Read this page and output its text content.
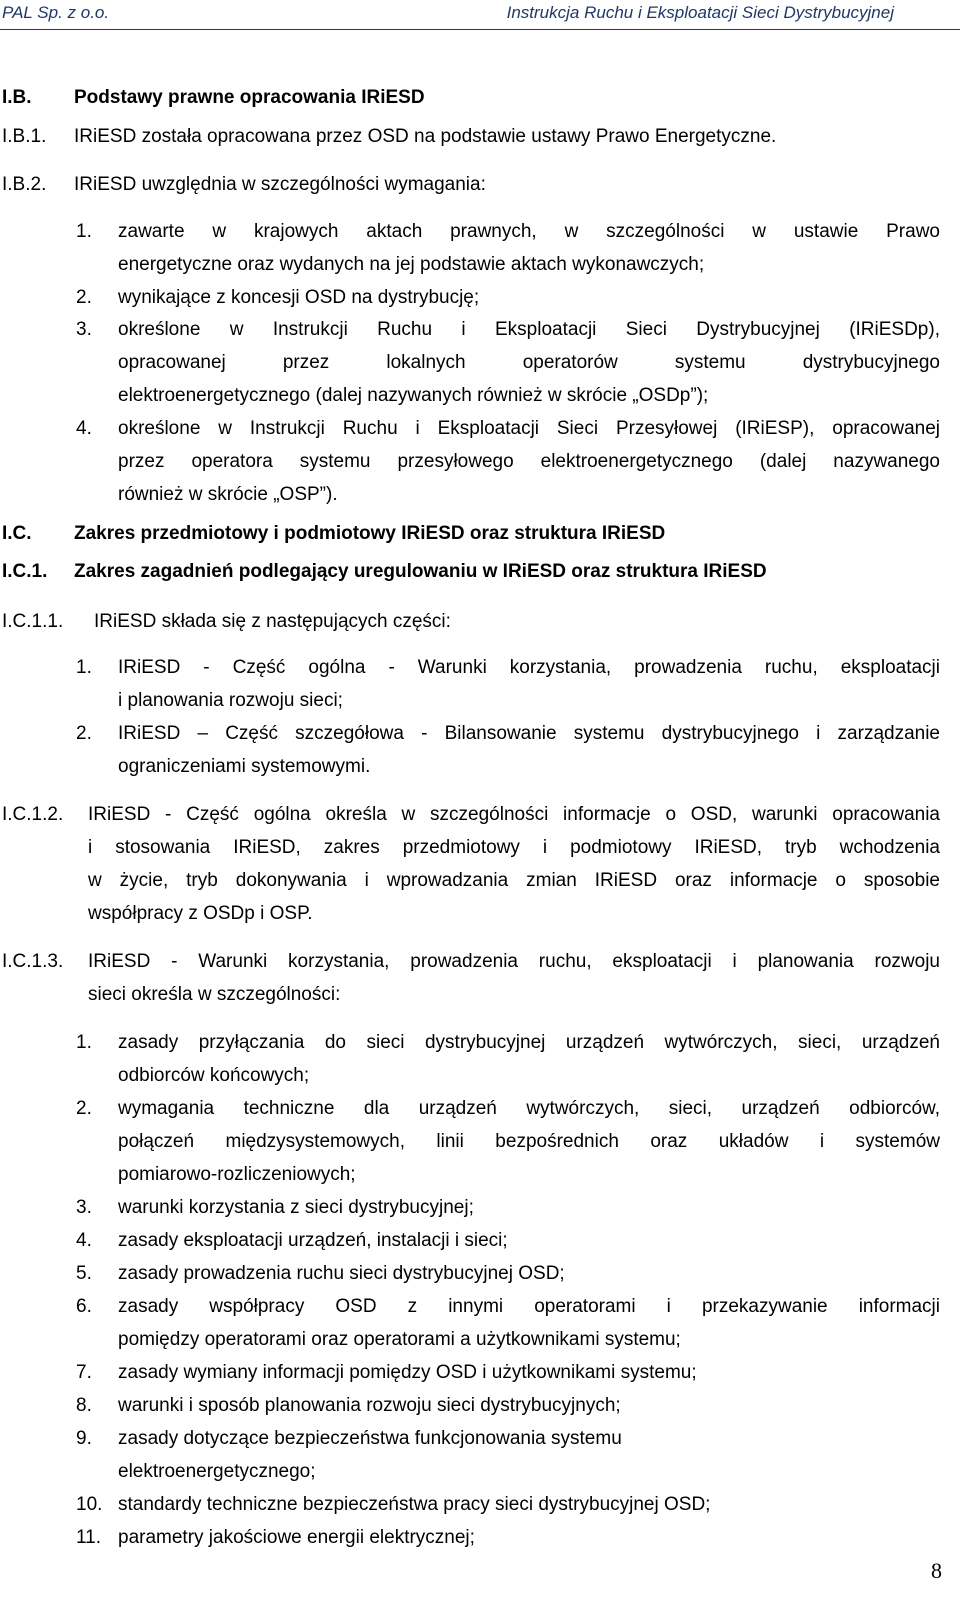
PAL Sp. z o.o.	Instrukcja Ruchu i Eksploatacji Sieci Dystrybucyjnej
I.B. Podstawy prawne opracowania IRiESD
I.B.1. IRiESD została opracowana przez OSD na podstawie ustawy Prawo Energetyczne.
I.B.2. IRiESD uwzględnia w szczególności wymagania:
1. zawarte w krajowych aktach prawnych, w szczególności w ustawie Prawo
energetyczne oraz wydanych na jej podstawie aktach wykonawczych;
2. wynikające z koncesji OSD na dystrybucję;
3. określone w Instrukcji Ruchu i Eksploatacji Sieci Dystrybucyjnej (IRiESDp),
opracowanej przez lokalnych operatorów systemu dystrybucyjnego
elektroenergetycznego (dalej nazywanych również w skrócie „OSDp”);
4. określone w Instrukcji Ruchu i Eksploatacji Sieci Przesyłowej (IRiESP), opracowanej
przez operatora systemu przesyłowego elektroenergetycznego (dalej nazywanego
również w skrócie „OSP”).
I.C. Zakres przedmiotowy i podmiotowy IRiESD oraz struktura IRiESD
I.C.1. Zakres zagadnień podlegający uregulowaniu w IRiESD oraz struktura IRiESD
I.C.1.1. IRiESD składa się z następujących części:
1. IRiESD - Część ogólna - Warunki korzystania, prowadzenia ruchu, eksploatacji
i planowania rozwoju sieci;
2. IRiESD – Część szczegółowa - Bilansowanie systemu dystrybucyjnego i zarządzanie
ograniczeniami systemowymi.
I.C.1.2. IRiESD - Część ogólna określa w szczególności informacje o OSD, warunki opracowania
i stosowania IRiESD, zakres przedmiotowy i podmiotowy IRiESD, tryb wchodzenia
w życie, tryb dokonywania i wprowadzania zmian IRiESD oraz informacje o sposobie
współpracy z OSDp i OSP.
I.C.1.3. IRiESD - Warunki korzystania, prowadzenia ruchu, eksploatacji i planowania rozwoju
sieci określa w szczególności:
1. zasady przyłączania do sieci dystrybucyjnej urządzeń wytwórczych, sieci, urządzeń
odbiorców końcowych;
2. wymagania techniczne dla urządzeń wytwórczych, sieci, urządzeń odbiorców,
połączeń międzysystemowych, linii bezpośrednich oraz układów i systemów
pomiarowo-rozliczeniowych;
3. warunki korzystania z sieci dystrybucyjnej;
4. zasady eksploatacji urządzeń, instalacji i sieci;
5. zasady prowadzenia ruchu sieci dystrybucyjnej OSD;
6. zasady współpracy OSD z innymi operatorami i przekazywanie informacji
pomiędzy operatorami oraz operatorami a użytkownikami systemu;
7. zasady wymiany informacji pomiędzy OSD i użytkownikami systemu;
8. warunki i sposób planowania rozwoju sieci dystrybucyjnych;
9. zasady dotyczące bezpieczeństwa funkcjonowania systemu
elektroenergetycznego;
10. standardy techniczne bezpieczeństwa pracy sieci dystrybucyjnej OSD;
11. parametry jakościowe energii elektrycznej;
8
